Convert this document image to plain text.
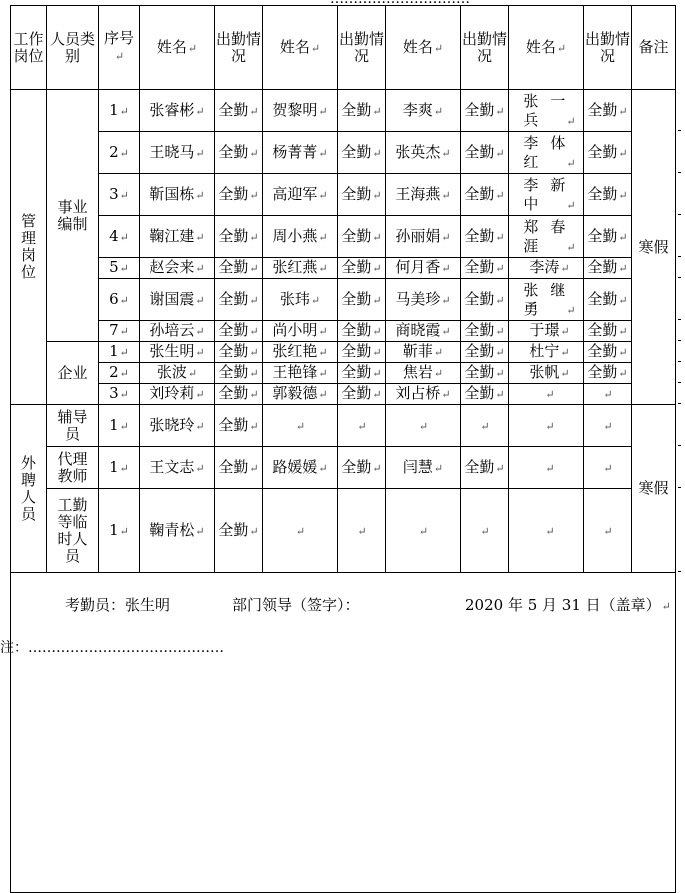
工作岗位	人员类别	序号↵	姓名↵	出勤情况	姓名↵	出勤情况	姓名↵	出勤情况	姓名↵	出勤情况	备注
管理岗位	事业编制	1↵	张睿彬↵	全勤↵	贺黎明↵	全勤↵	李爽↵	全勤↵	张一兵 ↵	全勤↵	寒假
		2↵	王晓马↵	全勤↵	杨菁菁↵	全勤↵	张英杰↵	全勤↵	李体红 ↵	全勤↵	
		3↵	靳国栋↵	全勤↵	高迎军↵	全勤↵	王海燕↵	全勤↵	李新中 ↵	全勤↵	
		4↵	鞠江建↵	全勤↵	周小燕↵	全勤↵	孙丽娟↵	全勤↵	郑春涯 ↵	全勤↵	
		5↵	赵会来↵	全勤↵	张红燕↵	全勤↵	何月香↵	全勤↵	李涛↵	全勤↵	
		6↵	谢国震↵	全勤↵	张玮↵	全勤↵	马美珍↵	全勤↵	张继勇 ↵	全勤↵	
		7↵	孙培云↵	全勤↵	尚小明↵	全勤↵	商晓霞↵	全勤↵	于璟↵	全勤↵	
	企业	1↵	张生明↵	全勤↵	张红艳↵	全勤↵	靳菲↵	全勤↵	杜宁↵	全勤↵	
		2↵	张波↵	全勤↵	王艳锋↵	全勤↵	焦岩↵	全勤↵	张帆↵	全勤↵	
		3↵	刘玲莉↵	全勤↵	郭毅德↵	全勤↵	刘占桥↵	全勤↵	↵	↵	
外聘人员	辅导员	1↵	张晓玲↵	全勤↵	↵	↵	↵	↵	↵	↵	寒假
	代理教师	1↵	王文志↵	全勤↵	路媛媛↵	全勤↵	闫慧↵	全勤↵	↵	↵	
	工勤等临时人员	1↵	鞠青松↵	全勤↵	↵	↵	↵	↵	↵	↵	

考勤员：张生明	部门领导（签字）：	2020 年 5 月 31 日（盖章）↵
注：……………………………………
